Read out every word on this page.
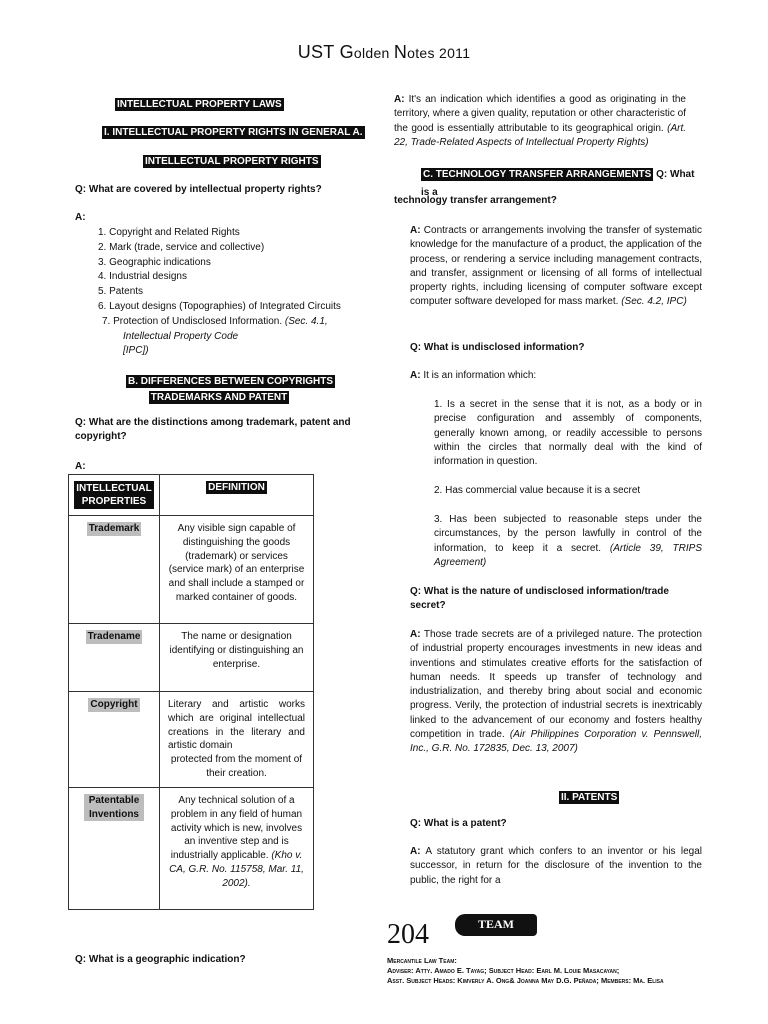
UST Golden Notes 2011
INTELLECTUAL PROPERTY LAWS
I. INTELLECTUAL PROPERTY RIGHTS IN GENERAL A.
INTELLECTUAL PROPERTY RIGHTS
Q: What are covered by intellectual property rights?
A:
1. Copyright and Related Rights
2. Mark (trade, service and collective)
3. Geographic indications
4. Industrial designs
5. Patents
6. Layout designs (Topographies) of Integrated Circuits
7. Protection of Undisclosed Information. (Sec. 4.1,
Intellectual Property Code
[IPC])
B. DIFFERENCES BETWEEN COPYRIGHTS
TRADEMARKS AND PATENT
Q: What are the distinctions among trademark, patent and copyright?
A:
INTELLECTUAL
PROPERTIES	DEFINITION
Trademark	Any visible sign capable of distinguishing the goods (trademark) or services (service mark) of an enterprise and shall include a stamped or marked container of goods.
Tradename	The name or designation identifying or distinguishing an enterprise.
Copyright	Literary and artistic works which are original intellectual creations in the literary and artistic domain
protected from the moment of their creation.

Patentable Inventions	Any technical solution of a problem in any field of human activity which is new, involves an inventive step and is industrially applicable. (Kho v. CA, G.R. No. 115758, Mar. 11, 2002).
Q: What is a geographic indication?
A: It's an indication which identifies a good as originating in the territory, where a given quality, reputation or other characteristic of the good is essentially attributable to its geographical origin. (Art. 22, Trade-Related Aspects of Intellectual Property Rights)
C. TECHNOLOGY TRANSFER ARRANGEMENTS Q: What is a
technology transfer arrangement?
A: Contracts or arrangements involving the transfer of systematic knowledge for the manufacture of a product, the application of the process, or rendering a service including management contracts, and transfer, assignment or licensing of all forms of intellectual property rights, including licensing of computer software except computer software developed for mass market. (Sec. 4.2, IPC)
Q: What is undisclosed information?
A: It is an information which:
1. Is a secret in the sense that it is not, as a body or in precise configuration and assembly of components, generally known among, or readily accessible to persons within the circles that normally deal with the kind of information in question.
2. Has commercial value because it is a secret
3. Has been subjected to reasonable steps under the circumstances, by the person lawfully in control of the information, to keep it a secret. (Article 39, TRIPS Agreement)
Q: What is the nature of undisclosed information/trade secret?
A: Those trade secrets are of a privileged nature. The protection of industrial property encourages investments in new ideas and inventions and stimulates creative efforts for the satisfaction of human needs. It speeds up transfer of technology and industrialization, and thereby bring about social and economic progress. Verily, the protection of industrial secrets is inextricably linked to the advancement of our economy and fosters healthy competition in trade. (Air Philippines Corporation v. Pennswell, Inc., G.R. No. 172835, Dec. 13, 2007)
II. PATENTS
Q: What is a patent?
A: A statutory grant which confers to an inventor or his legal successor, in return for the disclosure of the invention to the public, the right for a
204	TEAM BARCIPS
Mercantile Law Team:
Adviser: Atty. Amado E. Tayag; Subject Head: Earl M. Louie Masacayan;
Asst. Subject Heads: Kimverly A. Ong& Joanna May D.G. Peñada; Members: Ma. Elisa
